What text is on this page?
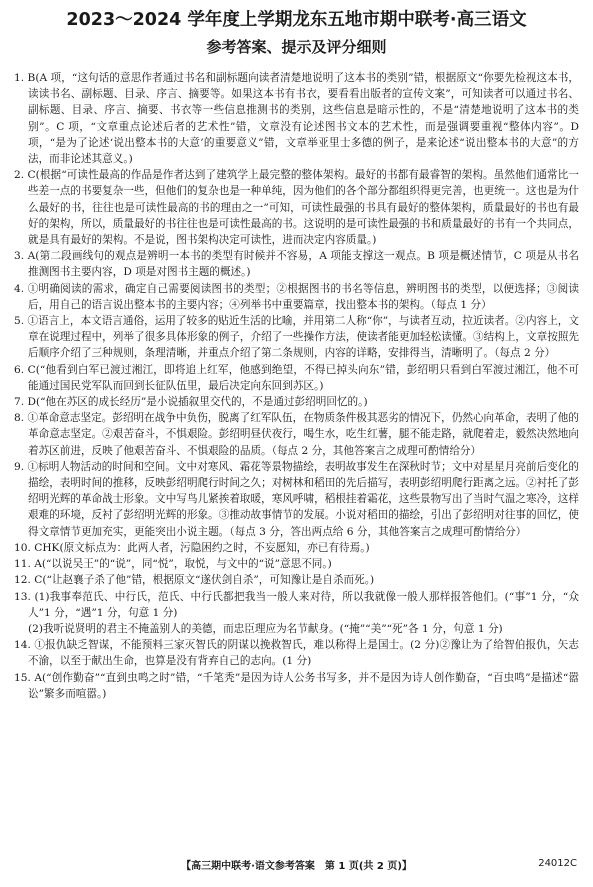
2023～2024 学年度上学期龙东五地市期中联考·高三语文
参考答案、提示及评分细则

1. B(A 项，“这句话的意思作者通过书名和副标题向读者清楚地说明了这本书的类别”错，根据原文“你要先检视这本书，读读书名、副标题、目录、序言、摘要等。如果这本书有书衣，要看看出版者的宣传文案”，可知读者可以通过书名、副标题、目录、序言、摘要、书衣等一些信息推测书的类别，这些信息是暗示性的，不是“清楚地说明了这本书的类别”。C 项，“文章重点论述后者的艺术性”错，文章没有论述图书文本的艺术性，而是强调要重视“整体内容”。D 项，“是为了论述‘说出整本书的大意’的重要意义”错，文章举亚里士多德的例子，是来论述“说出整本书的大意”的方法，而非论述其意义。)

2. C(根据“可读性最高的作品是作者达到了建筑学上最完整的整体架构。最好的书都有最睿智的架构。虽然他们通常比一些差一点的书要复杂一些，但他们的复杂也是一种单纯，因为他们的各个部分都组织得更完善，也更统一。这也是为什么最好的书，往往也是可读性最高的书的理由之一”可知，可读性最强的书具有最好的整体架构，质量最好的书也有最好的架构，所以，质量最好的书往往也是可读性最高的书。这说明的是可读性最强的书和质量最好的书有一个共同点，就是具有最好的架构。不是说，图书架构决定可读性，进而决定内容质量。)

3. A(第二段画线句的观点是辨明一本书的类型有时候并不容易，A 项能支撑这一观点。B 项是概述情节，C 项是从书名推测图书主要内容，D 项是对图书主题的概述。)

4. ①明确阅读的需求，确定自己需要阅读图书的类型；②根据图书的书名等信息，辨明图书的类型，以便选择；③阅读后，用自己的语言说出整本书的主要内容；④列举书中重要篇章，找出整本书的架构。（每点 1 分）

5. ①语言上，本文语言通俗，运用了较多的贴近生活的比喻，并用第二人称“你”，与读者互动，拉近读者。②内容上，文章在说理过程中，列举了很多具体形象的例子，介绍了一些操作方法，使读者能更加轻松读懂。③结构上，文章按照先后顺序介绍了三种规则，条理清晰，并重点介绍了第二条规则，内容的详略，安排得当，清晰明了。（每点 2 分）

6. C(“他看到白军已渡过湘江，即将追上红军，他感到绝望，不得已掉头向东”错，彭绍明只看到白军渡过湘江，他不可能通过国民党军队而回到长征队伍里，最后决定向东回到苏区。)

7. D(“他在苏区的成长经历”是小说插叙里交代的，不是通过彭绍明回忆的。)

8. ①革命意志坚定。彭绍明在战争中负伤，脱离了红军队伍，在物质条件极其恶劣的情况下，仍然心向革命，表明了他的革命意志坚定。②艰苦奋斗，不惧艰险。彭绍明昼伏夜行，喝生水，吃生红薯，腿不能走路，就爬着走，毅然决然地向着苏区前进，反映了他艰苦奋斗、不惧艰险的品质。（每点 2 分，其他答案言之成理可酌情给分）

9. ①标明人物活动的时间和空间。文中对寒风、霜花等景物描绘，表明故事发生在深秋时节；文中对星星月亮前后变化的描绘，表明时间的推移，反映彭绍明爬行时间之久；对树林和稻田的先后描写，表明彭绍明爬行距离之远。②衬托了彭绍明光辉的革命战士形象。文中写鸟儿紧挨着取暖，寒风呼啸，稻根挂着霜花，这些景物写出了当时气温之寒冷，这样艰难的环境，反衬了彭绍明光辉的形象。③推动故事情节的发展。小说对稻田的描绘，引出了彭绍明对往事的回忆，使得文章情节更加充实，更能突出小说主题。（每点 3 分，答出两点给 6 分，其他答案言之成理可酌情给分）

10. CHK(原文标点为：此两人者，污隐困约之时，不妄愿知，亦已有待焉。)

11. A(“以说吴王”的“说”，同“悦”，取悦，与文中的“说”意思不同。)

12. C(“让赵襄子杀了他”错，根据原文“遂伏剑自杀”，可知豫让是自杀而死。)

13. (1)我事奉范氏、中行氏，范氏、中行氏都把我当一般人来对待，所以我就像一般人那样报答他们。(“事”1 分，“众人”1 分，“遇”1 分，句意 1 分)

(2)我听说贤明的君主不掩盖别人的美德，而忠臣理应为名节献身。(“掩”“美”“死”各 1 分，句意 1 分)

14. ①报仇缺乏智谋，不能预料三家灭智氏的阴谋以挽救智氏，难以称得上是国士。(2 分)②豫让为了给智伯报仇，矢志不渝，以至于献出生命，也算是没有背弃自己的志向。(1 分)

15. A(“创作勤奋”“直到虫鸣之时”错，“千笔秃”是因为诗人公务书写多，并不是因为诗人创作勤奋，“百虫鸣”是描述“嚣讼”繁多而喧嚣。)

【高三期中联考·语文参考答案　第 1 页(共 2 页)】	24012C
